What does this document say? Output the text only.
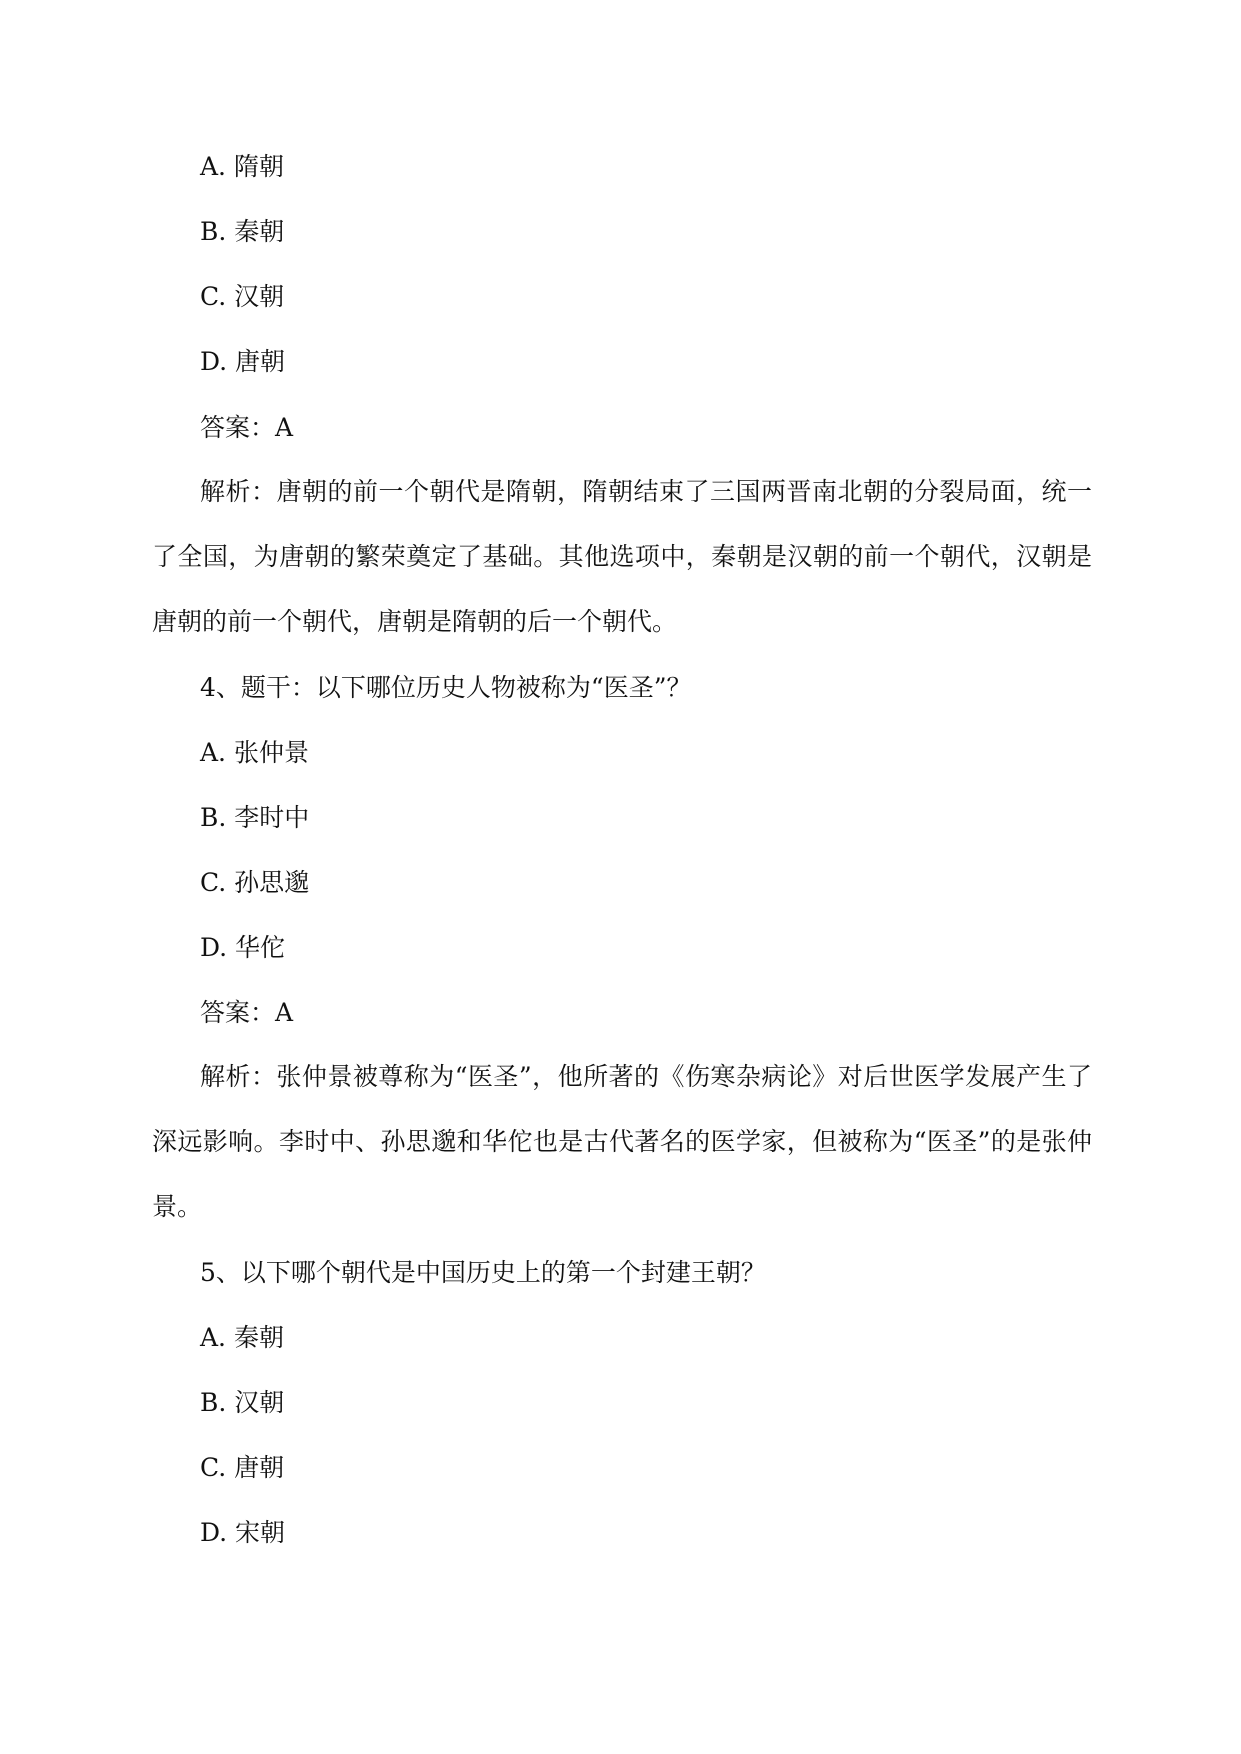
A. 隋朝
B. 秦朝
C. 汉朝
D. 唐朝
答案：A
解析：唐朝的前一个朝代是隋朝，隋朝结束了三国两晋南北朝的分裂局面，统一了全国，为唐朝的繁荣奠定了基础。其他选项中，秦朝是汉朝的前一个朝代，汉朝是唐朝的前一个朝代，唐朝是隋朝的后一个朝代。
4、题干：以下哪位历史人物被称为“医圣”？
A. 张仲景
B. 李时中
C. 孙思邈
D. 华佗
答案：A
解析：张仲景被尊称为“医圣”，他所著的《伤寒杂病论》对后世医学发展产生了深远影响。李时中、孙思邈和华佗也是古代著名的医学家，但被称为“医圣”的是张仲景。
5、以下哪个朝代是中国历史上的第一个封建王朝？
A. 秦朝
B. 汉朝
C. 唐朝
D. 宋朝
